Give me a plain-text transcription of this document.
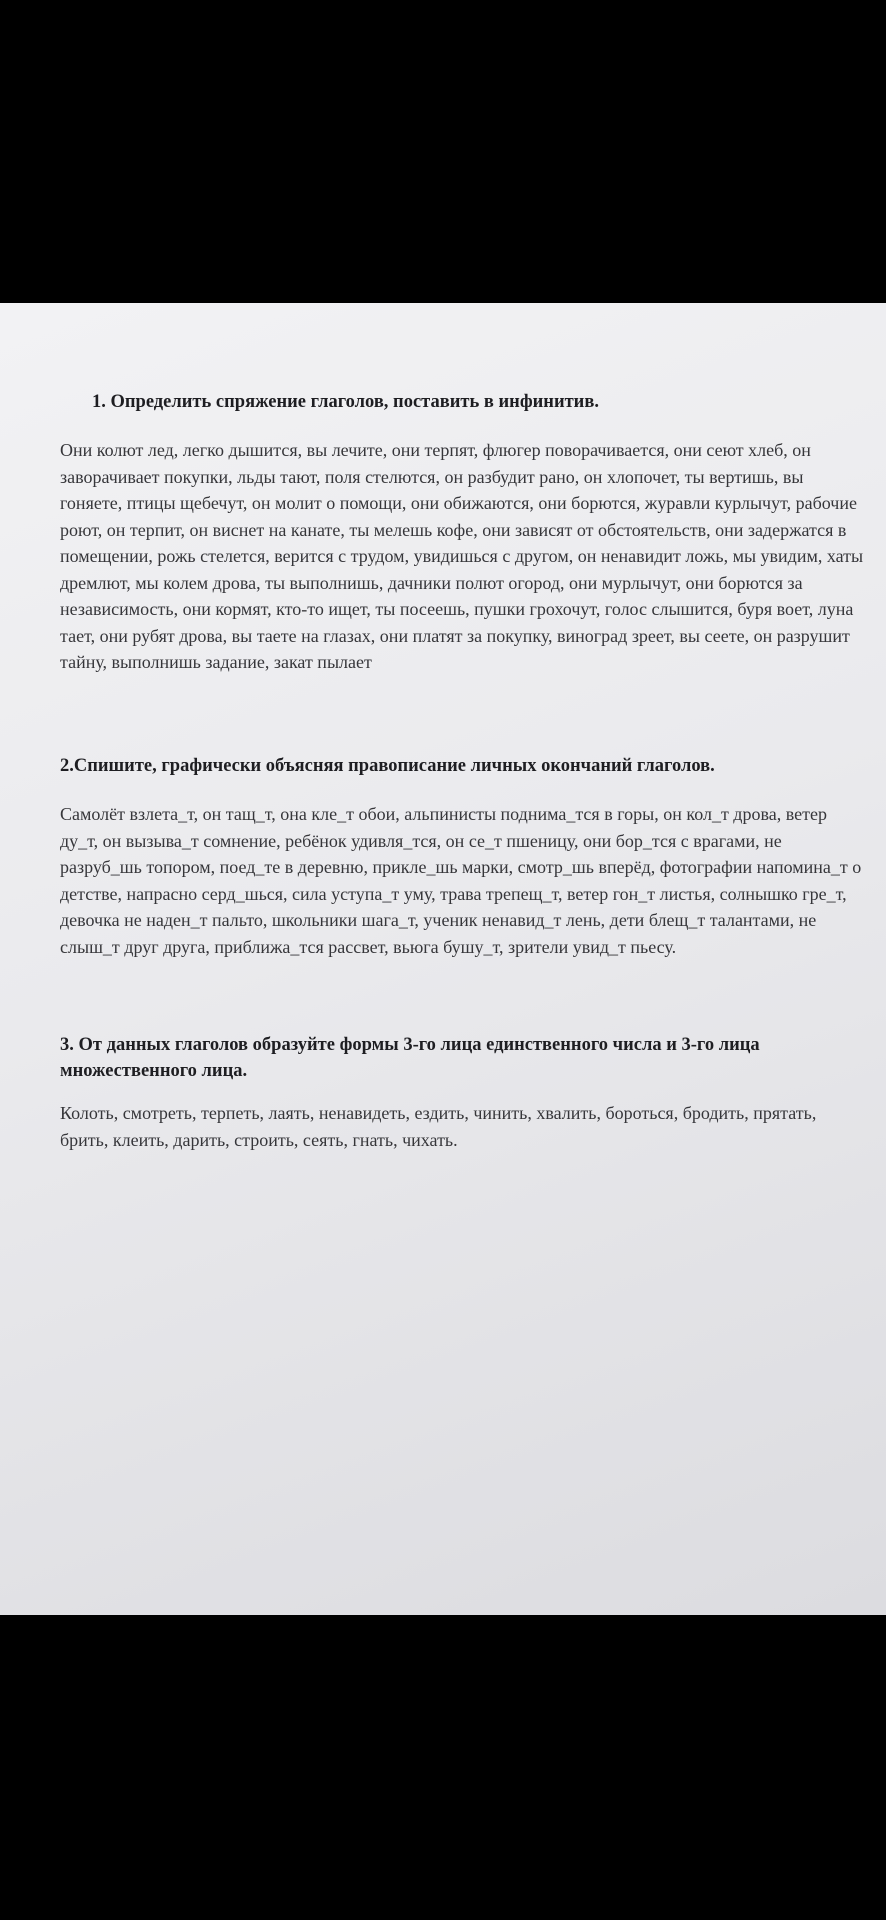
1. Определить спряжение глаголов, поставить в инфинитив.

Они колют лед, легко дышится, вы лечите, они терпят, флюгер поворачивается, они сеют хлеб, он заворачивает покупки, льды тают, поля стелются, он разбудит рано, он хлопочет, ты вертишь, вы гоняете, птицы щебечут, он молит о помощи, они обижаются, они борются, журавли курлычут, рабочие роют, он терпит, он виснет на канате, ты мелешь кофе, они зависят от обстоятельств, они задержатся в помещении, рожь стелется, верится с трудом, увидишься с другом, он ненавидит ложь, мы увидим, хаты дремлют, мы колем дрова, ты выполнишь, дачники полют огород, они мурлычут, они борются за независимость, они кормят, кто-то ищет, ты посеешь, пушки грохочут, голос слышится, буря воет, луна тает, они рубят дрова, вы таете на глазах, они платят за покупку, виноград зреет, вы сеете, он разрушит тайну, выполнишь задание, закат пылает

2.Спишите, графически объясняя правописание личных окончаний глаголов.

Самолёт взлета_т, он тащ_т, она кле_т обои, альпинисты поднима_тся в горы, он кол_т дрова, ветер ду_т, он вызыва_т сомнение, ребёнок удивля_тся, он се_т пшеницу, они бор_тся с врагами, не разруб_шь топором, поед_те в деревню, прикле_шь марки, смотр_шь вперёд, фотографии напомина_т о детстве, напрасно серд_шься, сила уступа_т уму, трава трепещ_т, ветер гон_т листья, солнышко гре_т, девочка не наден_т пальто, школьники шага_т, ученик ненавид_т лень, дети блещ_т талантами, не слыш_т друг друга, приближа_тся рассвет, вьюга бушу_т, зрители увид_т пьесу.

3. От данных глаголов образуйте формы 3-го лица единственного числа и 3-го лица множественного лица.

Колоть, смотреть, терпеть, лаять, ненавидеть, ездить, чинить, хвалить, бороться, бродить, прятать, брить, клеить, дарить, строить, сеять, гнать, чихать.
